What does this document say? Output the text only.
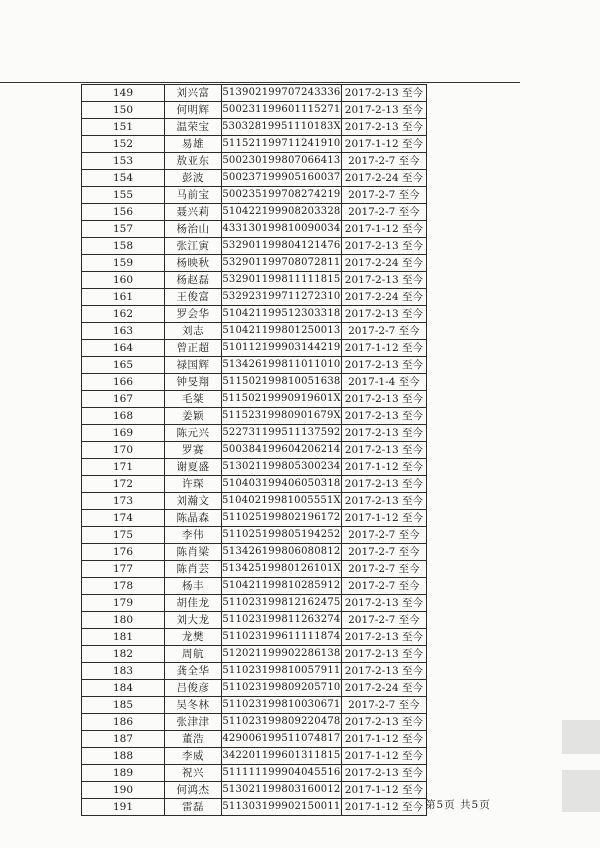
149	刘兴富	513902199707243336	2017-2-13 至今
150	何明辉	500231199601115271	2017-2-13 至今
151	温荣宝	53032819951110183X	2017-2-13 至今
152	易雄	511521199711241910	2017-1-12 至今
153	敖亚东	500230199807066413	2017-2-7 至今
154	彭波	500237199905160037	2017-2-24 至今
155	马前宝	500235199708274219	2017-2-7 至今
156	聂兴莉	510422199908203328	2017-2-7 至今
157	杨治山	433130199810090034	2017-1-12 至今
158	张江寅	532901199804121476	2017-2-13 至今
159	杨映秋	532901199708072811	2017-2-24 至今
160	杨赵磊	532901199811111815	2017-2-13 至今
161	王俊富	532923199711272310	2017-2-24 至今
162	罗会华	510421199512303318	2017-2-13 至今
163	刘志	510421199801250013	2017-2-7 至今
164	曾正超	510112199903144219	2017-1-12 至今
165	禄国辉	513426199811011010	2017-2-13 至今
166	钟旻翔	511502199810051638	2017-1-4 至今
167	毛桀	51150219990919601X	2017-2-13 至今
168	姜颖	51152319980901679X	2017-2-13 至今
169	陈元兴	522731199511137592	2017-2-13 至今
170	罗赛	500384199604206214	2017-2-13 至今
171	谢夏盛	513021199805300234	2017-1-12 至今
172	许琛	510403199406050318	2017-2-13 至今
173	刘瀚文	51040219981005551X	2017-2-13 至今
174	陈晶森	511025199802196172	2017-1-12 至今
175	李伟	511025199805194252	2017-2-7 至今
176	陈肖梁	513426199806080812	2017-2-7 至今
177	陈肖芸	51342519980126101X	2017-2-7 至今
178	杨丰	510421199810285912	2017-2-7 至今
179	胡佳龙	511023199812162475	2017-2-13 至今
180	刘大龙	511023199811263274	2017-2-7 至今
181	龙樊	511023199611111874	2017-2-13 至今
182	周航	512021199902286138	2017-2-13 至今
183	龚全华	511023199810057911	2017-2-13 至今
184	吕俊彦	511023199809205710	2017-2-24 至今
185	吴冬林	511023199810030671	2017-2-7 至今
186	张津津	511023199809220478	2017-2-13 至今
187	董浩	429006199511074817	2017-1-12 至今
188	李威	342201199601311815	2017-1-12 至今
189	祝兴	511111199904045516	2017-2-13 至今
190	何鸿杰	513021199803160012	2017-1-12 至今
191	雷磊	511303199902150011	2017-1-12 至今 第5页 共5页
